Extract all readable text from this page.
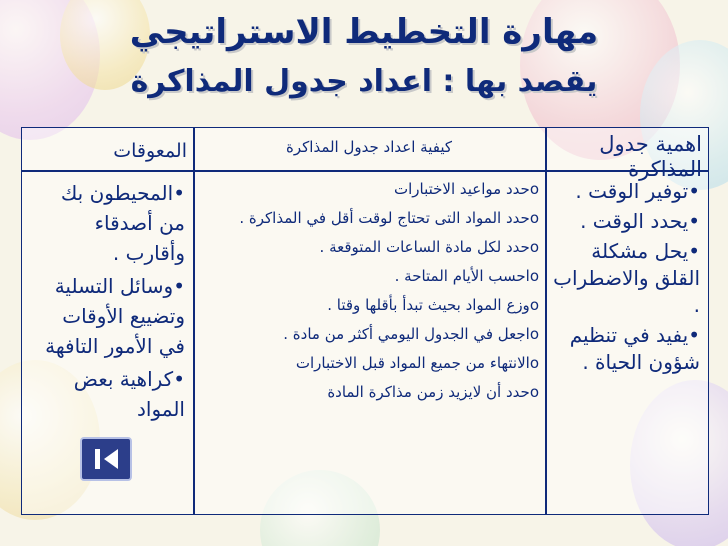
مهارة التخطيط الاستراتيجي
يقصد بها : اعداد جدول المذاكرة
اهمية جدول المذاكرة
•توفير الوقت .
•يحدد الوقت .
•يحل مشكلة القلق والاضطراب .
•يفيد في تنظيم شؤون الحياة .
كيفية اعداد جدول المذاكرة
oحدد مواعيد الاختبارات
oحدد المواد التى تحتاج لوقت أقل في المذاكرة .
oحدد لكل مادة الساعات المتوقعة .
oاحسب الأيام المتاحة .
oوزع المواد بحيث تبدأ بأقلها وقتا .
oاجعل في الجدول اليومي أكثر من مادة .
oالانتهاء من جميع المواد قبل الاختبارات
oحدد أن لايزيد زمن مذاكرة المادة
المعوقات
•المحيطون بك من أصدقاء وأقارب .
•وسائل التسلية وتضييع الأوقات في الأمور التافهة
•كراهية بعض المواد
